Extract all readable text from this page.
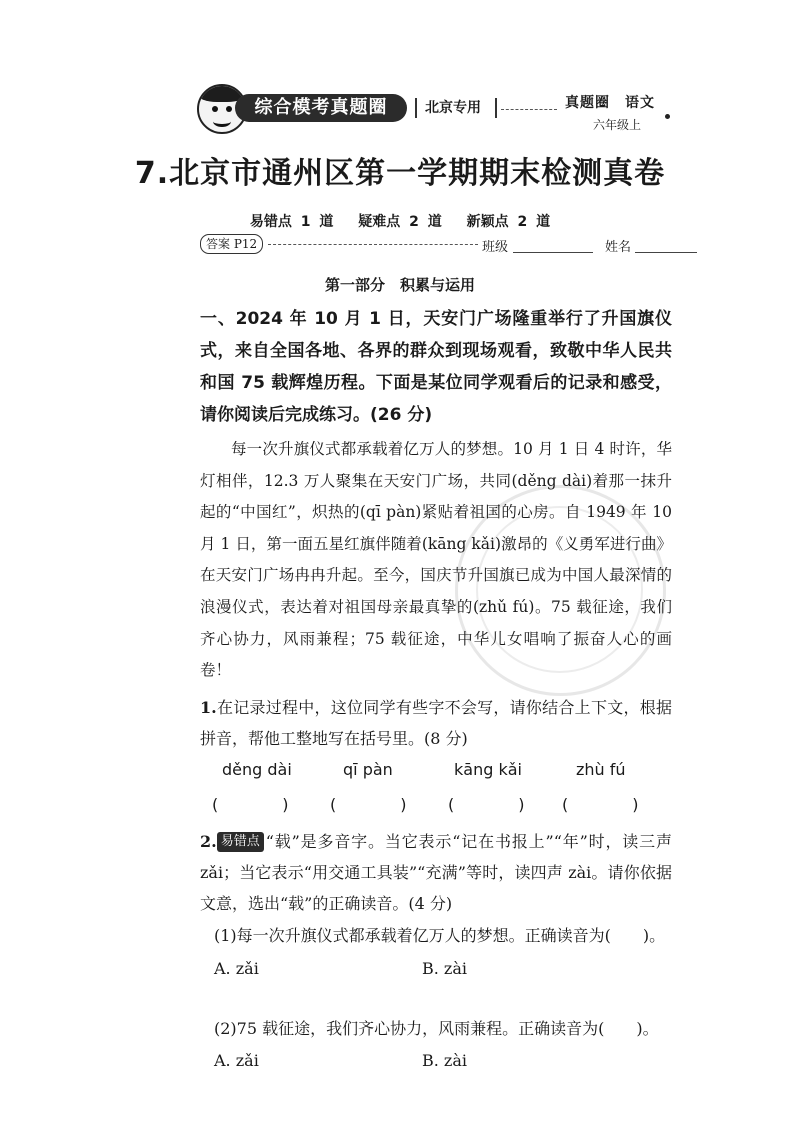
综合模考真题圈	北京专用	真题圈　语文
六年级上
7.北京市通州区第一学期期末检测真卷
易错点 1 道 疑难点 2 道 新颖点 2 道
答案 P12	班级	姓名
第一部分　积累与运用
一、2024 年 10 月 1 日，天安门广场隆重举行了升国旗仪式，来自全国各地、各界的群众到现场观看，致敬中华人民共和国 75 载辉煌历程。下面是某位同学观看后的记录和感受，请你阅读后完成练习。(26 分)
每一次升旗仪式都承载着亿万人的梦想。10 月 1 日 4 时许，华灯相伴，12.3 万人聚集在天安门广场，共同(děng dài)着那一抹升起的“中国红”，炽热的(qī pàn)紧贴着祖国的心房。自 1949 年 10 月 1 日，第一面五星红旗伴随着(kāng kǎi)激昂的《义勇军进行曲》在天安门广场冉冉升起。至今，国庆节升国旗已成为中国人最深情的浪漫仪式，表达着对祖国母亲最真挚的(zhǔ fú)。75 载征途，我们齐心协力，风雨兼程；75 载征途，中华儿女唱响了振奋人心的画卷！
1.在记录过程中，这位同学有些字不会写，请你结合上下文，根据拼音，帮他工整地写在括号里。(8 分)
děng dài	qī pàn	kāng kǎi	zhù fú
(　　　　)	(　　　　)	(　　　　) (　　　　)
2. 易错点 “载”是多音字。当它表示“记在书报上”“年”时，读三声 zǎi；当它表示“用交通工具装”“充满”等时，读四声 zài。请你依据文意，选出“载”的正确读音。(4 分)
(1)每一次升旗仪式都承载着亿万人的梦想。正确读音为(　　)。
A. zǎi	B. zài
(2)75 载征途，我们齐心协力，风雨兼程。正确读音为(　　)。
A. zǎi	B. zài
